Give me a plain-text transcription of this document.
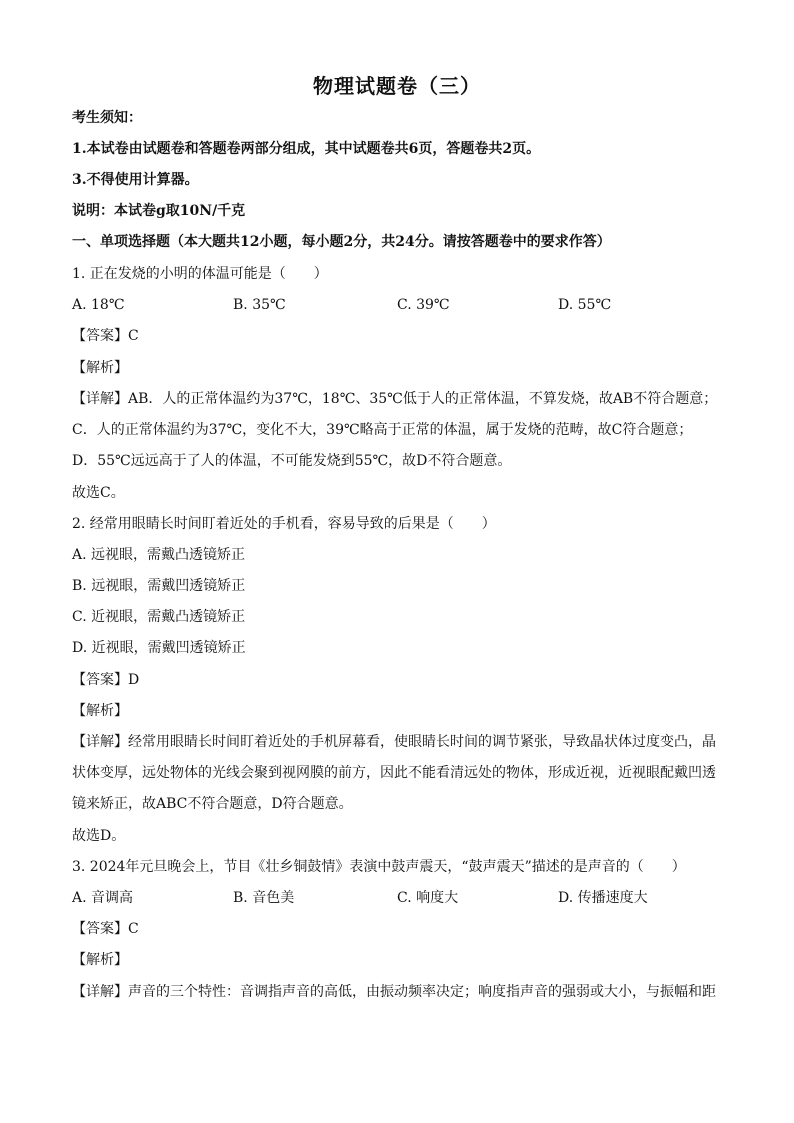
物理试题卷（三）
考生须知：
1.本试卷由试题卷和答题卷两部分组成，其中试题卷共6页，答题卷共2页。
3.不得使用计算器。
说明：本试卷g取10N/千克
一、单项选择题（本大题共12小题，每小题2分，共24分。请按答题卷中的要求作答）
1. 正在发烧的小明的体温可能是（　　）
A. 18℃	B. 35℃	C. 39℃	D. 55℃
【答案】C
【解析】
【详解】AB．人的正常体温约为37℃，18℃、35℃低于人的正常体温，不算发烧，故AB不符合题意；
C．人的正常体温约为37℃，变化不大，39℃略高于正常的体温，属于发烧的范畴，故C符合题意；
D．55℃远远高于了人的体温，不可能发烧到55℃，故D不符合题意。
故选C。
2. 经常用眼睛长时间盯着近处的手机看，容易导致的后果是（　　）
A. 远视眼，需戴凸透镜矫正
B. 远视眼，需戴凹透镜矫正
C. 近视眼，需戴凸透镜矫正
D. 近视眼，需戴凹透镜矫正
【答案】D
【解析】
【详解】经常用眼睛长时间盯着近处的手机屏幕看，使眼睛长时间的调节紧张，导致晶状体过度变凸，晶
状体变厚，远处物体的光线会聚到视网膜的前方，因此不能看清远处的物体，形成近视，近视眼配戴凹透
镜来矫正，故ABC不符合题意，D符合题意。
故选D。
3. 2024年元旦晚会上，节目《壮乡铜鼓情》表演中鼓声震天，“鼓声震天”描述的是声音的（　　）
A. 音调高	B. 音色美	C. 响度大	D. 传播速度大
【答案】C
【解析】
【详解】声音的三个特性：音调指声音的高低，由振动频率决定；响度指声音的强弱或大小，与振幅和距
